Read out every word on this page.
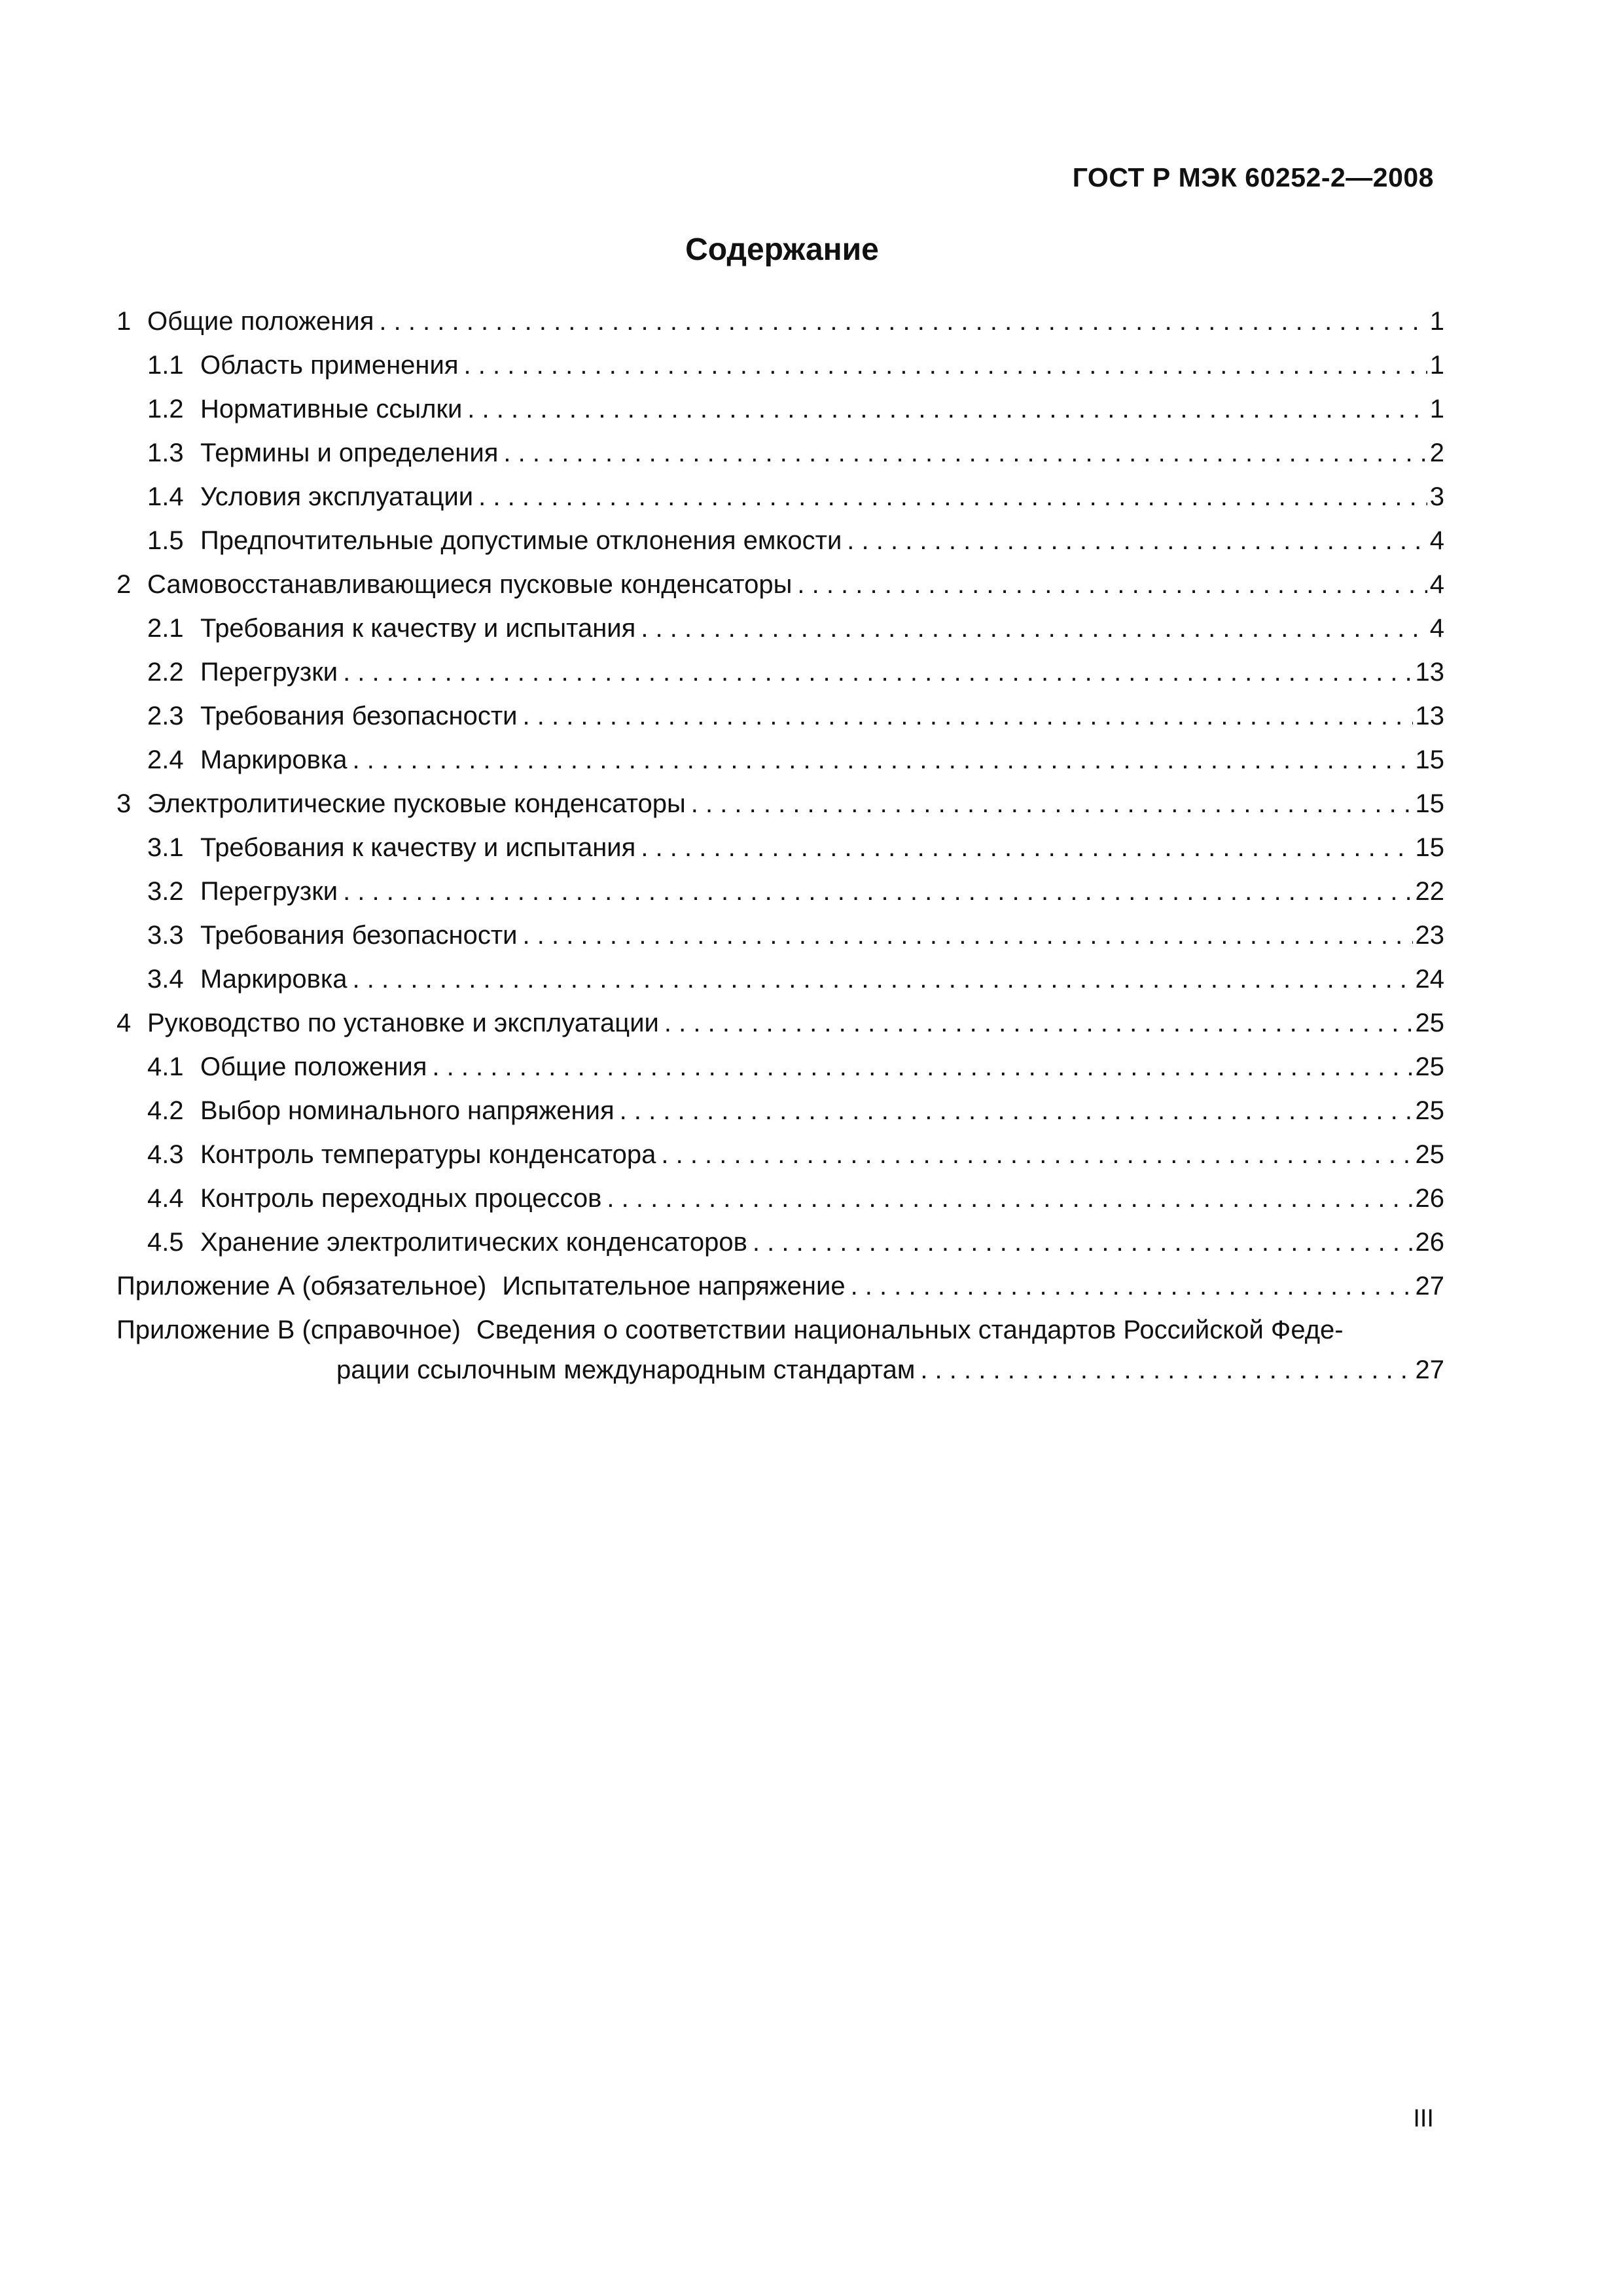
ГОСТ Р МЭК 60252-2—2008
Содержание
1 Общие положения . . .	1
1.1 Область применения . . .	1
1.2 Нормативные ссылки . . .	1
1.3 Термины и определения . . .	2
1.4 Условия эксплуатации . . .	3
1.5 Предпочтительные допустимые отклонения емкости . . .	4
2 Самовосстанавливающиеся пусковые конденсаторы . . .	4
2.1 Требования к качеству и испытания . . .	4
2.2 Перегрузки . . .	13
2.3 Требования безопасности . . .	13
2.4 Маркировка . . .	15
3 Электролитические пусковые конденсаторы . . .	15
3.1 Требования к качеству и испытания . . .	15
3.2 Перегрузки . . .	22
3.3 Требования безопасности . . .	23
3.4 Маркировка . . .	24
4 Руководство по установке и эксплуатации . . .	25
4.1 Общие положения . . .	25
4.2 Выбор номинального напряжения . . .	25
4.3 Контроль температуры конденсатора . . .	25
4.4 Контроль переходных процессов . . .	26
4.5 Хранение электролитических конденсаторов . . .	26
Приложение А (обязательное) Испытательное напряжение . . .	27
Приложение В (справочное) Сведения о соответствии национальных стандартов Российской Феде-
рации ссылочным международным стандартам . . .	27
III
